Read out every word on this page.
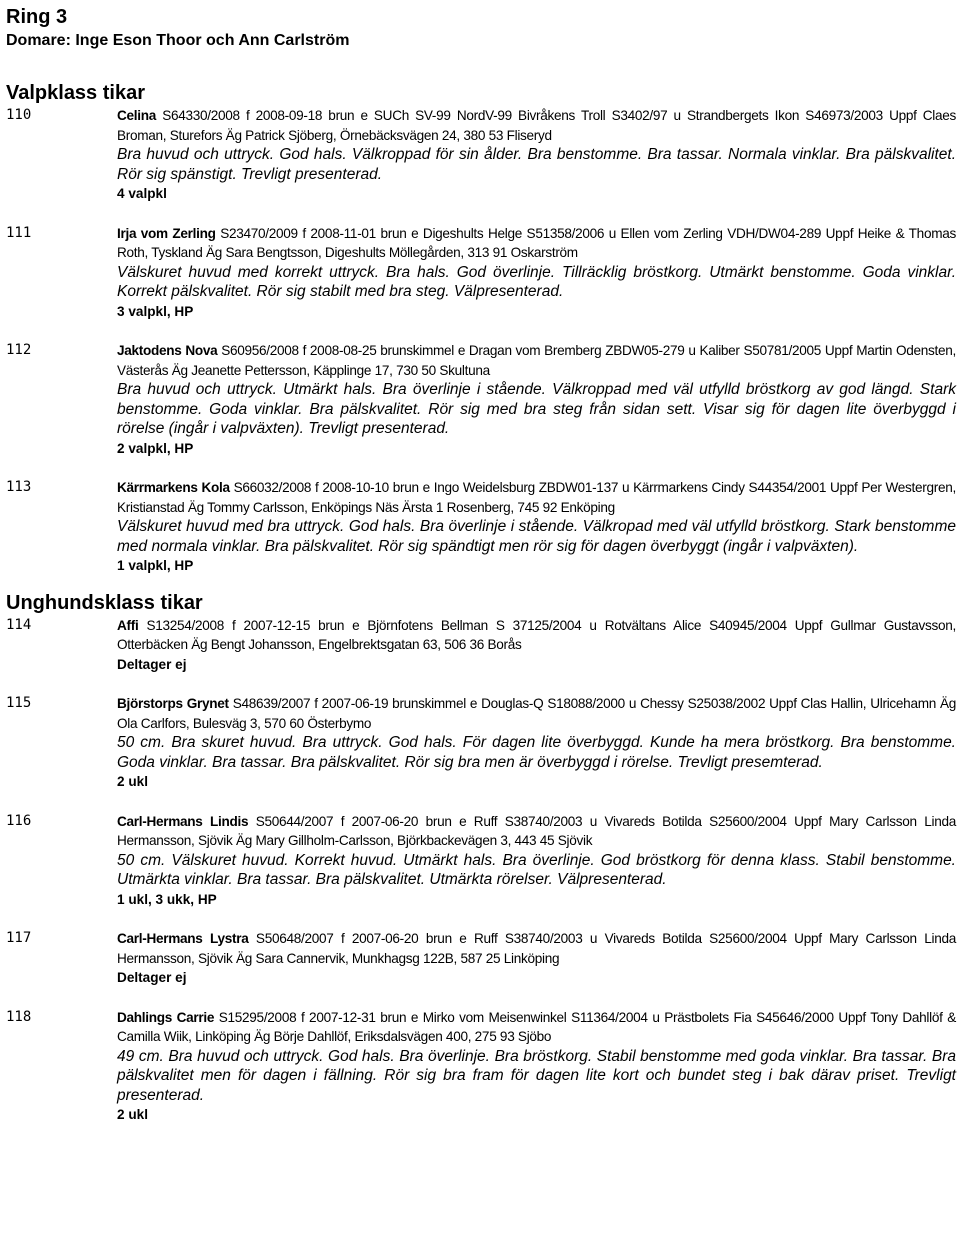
Ring 3

Domare: Inge Eson Thoor och Ann Carlström

Valpklass tikar
110	Celina S64330/2008 f 2008-09-18 brun e SUCh SV-99 NordV-99 Bivråkens Troll S3402/97 u Strandbergets Ikon S46973/2003 Uppf Claes Broman, Sturefors Äg Patrick Sjöberg, Örnebäcksvägen 24, 380 53 Fliseryd
Bra huvud och uttryck. God hals. Välkroppad för sin ålder. Bra benstomme. Bra tassar. Normala vinklar. Bra pälskvalitet. Rör sig spänstigt. Trevligt presenterad.
4 valpkl
111	Irja vom Zerling S23470/2009 f 2008-11-01 brun e Digeshults Helge S51358/2006 u Ellen vom Zerling VDH/DW04-289 Uppf Heike & Thomas Roth, Tyskland Äg Sara Bengtsson, Digeshults Möllegården, 313 91 Oskarström
Välskuret huvud med korrekt uttryck. Bra hals. God överlinje. Tillräcklig bröstkorg. Utmärkt benstomme. Goda vinklar. Korrekt pälskvalitet. Rör sig stabilt med bra steg. Välpresenterad.
3 valpkl, HP
112	Jaktodens Nova S60956/2008 f 2008-08-25 brunskimmel e Dragan vom Bremberg ZBDW05-279 u Kaliber S50781/2005 Uppf Martin Odensten, Västerås Äg Jeanette Pettersson, Käpplinge 17, 730 50 Skultuna
Bra huvud och uttryck. Utmärkt hals. Bra överlinje i stående. Välkroppad med väl utfylld bröstkorg av god längd. Stark benstomme. Goda vinklar. Bra pälskvalitet. Rör sig med bra steg från sidan sett. Visar sig för dagen lite överbyggd i rörelse (ingår i valpväxten). Trevligt presenterad.
2 valpkl, HP
113	Kärrmarkens Kola S66032/2008 f 2008-10-10 brun e Ingo Weidelsburg ZBDW01-137 u Kärrmarkens Cindy S44354/2001 Uppf Per Westergren, Kristianstad Äg Tommy Carlsson, Enköpings Näs Ärsta 1 Rosenberg, 745 92 Enköping
Välskuret huvud med bra uttryck. God hals. Bra överlinje i stående. Välkropad med väl utfylld bröstkorg. Stark benstomme med normala vinklar. Bra pälskvalitet. Rör sig spändtigt men rör sig för dagen överbyggt (ingår i valpväxten).
1 valpkl, HP
Unghundsklass tikar
114	Affi S13254/2008 f 2007-12-15 brun e Björnfotens Bellman S 37125/2004 u Rotvältans Alice S40945/2004 Uppf Gullmar Gustavsson, Otterbäcken Äg Bengt Johansson, Engelbrektsgatan 63, 506 36 Borås
Deltager ej
115	Björstorps Grynet S48639/2007 f 2007-06-19 brunskimmel e Douglas-Q S18088/2000 u Chessy S25038/2002 Uppf Clas Hallin, Ulricehamn Äg Ola Carlfors, Bulesväg 3, 570 60 Österbymo
50 cm. Bra skuret huvud. Bra uttryck. God hals. För dagen lite överbyggd. Kunde ha mera bröstkorg. Bra benstomme. Goda vinklar. Bra tassar. Bra pälskvalitet. Rör sig bra men är överbyggd i rörelse. Trevligt presemterad.
2 ukl
116	Carl-Hermans Lindis S50644/2007 f 2007-06-20 brun e Ruff S38740/2003 u Vivareds Botilda S25600/2004 Uppf Mary Carlsson Linda Hermansson, Sjövik Äg Mary Gillholm-Carlsson, Björkbackevägen 3, 443 45 Sjövik
50 cm. Välskuret huvud. Korrekt huvud. Utmärkt hals. Bra överlinje. God bröstkorg för denna klass. Stabil benstomme. Utmärkta vinklar. Bra tassar. Bra pälskvalitet. Utmärkta rörelser. Välpresenterad.
1 ukl, 3 ukk, HP
117	Carl-Hermans Lystra S50648/2007 f 2007-06-20 brun e Ruff S38740/2003 u Vivareds Botilda S25600/2004 Uppf Mary Carlsson Linda Hermansson, Sjövik Äg Sara Cannervik, Munkhagsg 122B, 587 25 Linköping
Deltager ej
118	Dahlings Carrie S15295/2008 f 2007-12-31 brun e Mirko vom Meisenwinkel S11364/2004 u Prästbolets Fia S45646/2000 Uppf Tony Dahllöf & Camilla Wiik, Linköping Äg Börje Dahllöf, Eriksdalsvägen 400, 275 93 Sjöbo
49 cm. Bra huvud och uttryck. God hals. Bra överlinje. Bra bröstkorg. Stabil benstomme med goda vinklar. Bra tassar. Bra pälskvalitet men för dagen i fällning. Rör sig bra fram för dagen lite kort och bundet steg i bak därav priset. Trevligt presenterad.
2 ukl
